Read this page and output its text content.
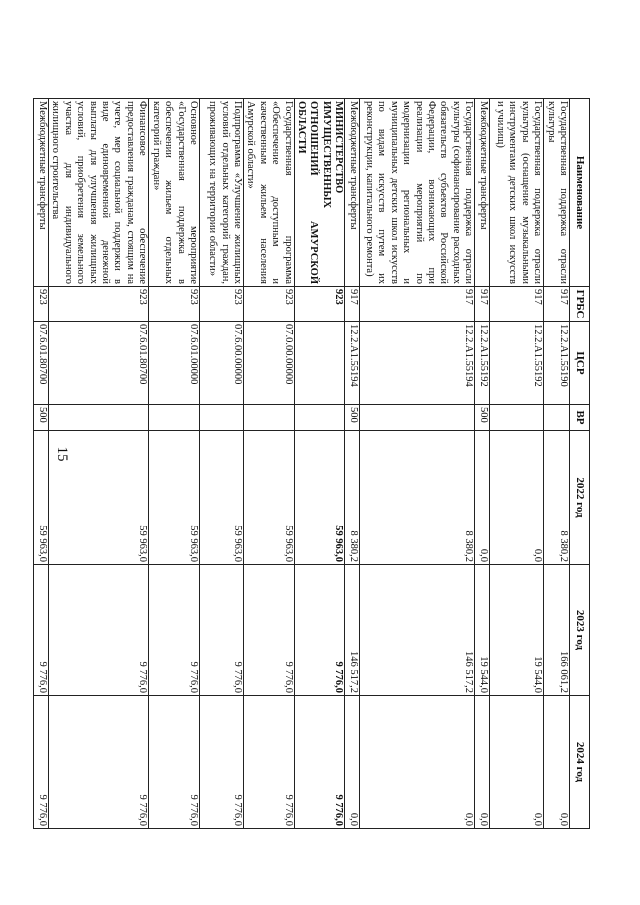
15
Наименование	ГРБС	ЦСР	ВР	2022 год	2023 год	2024 год
Государственная поддержка отрасли культуры	917	12.2.А1.55190		8 380,2	166 061,2	0,0
Государственная поддержка отрасли культуры (оснащение музыкальными инструментами детских школ искусств и училищ)	917	12.2.А1.55192		0,0	19 544,0	0,0
Межбюджетные трансферты	917	12.2.А1.55192	500	0,0	19 544,0	0,0
Государственная поддержка отрасли культуры (софинансирование расходных обязательств субъектов Российской Федерации, возникающих при реализации мероприятий по модернизации региональных и муниципальных детских школ искусств по видам искусств путем их реконструкции, капитального ремонта)	917	12.2.А1.55194		8 380,2	146 517,2	0,0
Межбюджетные трансферты	917	12.2.А1.55194	500	8 380,2	146 517,2	0,0
МИНИСТЕРСТВО ИМУЩЕСТВЕННЫХ ОТНОШЕНИЙ АМУРСКОЙ ОБЛАСТИ	923			59 963,0	9 776,0	9 776,0
Государственная программа «Обеспечение доступным и качественным жильем населения Амурской области»	923	07.0.00.00000		59 963,0	9 776,0	9 776,0
Подпрограмма «Улучшение жилищных условий отдельных категорий граждан, проживающих на территории области»	923	07.6.00.00000		59 963,0	9 776,0	9 776,0
Основное мероприятие «Государственная поддержка в обеспечении жильем отдельных категорий граждан»	923	07.6.01.00000		59 963,0	9 776,0	9 776,0
Финансовое обеспечение предоставления гражданам, стоящим на учете, мер социальной поддержки в виде единовременной денежной выплаты для улучшения жилищных условий, приобретения земельного участка для индивидуального жилищного строительства	923	07.6.01.80700		59 963,0	9 776,0	9 776,0
Межбюджетные трансферты	923	07.6.01.80700	500	59 963,0	9 776,0	9 776,0
